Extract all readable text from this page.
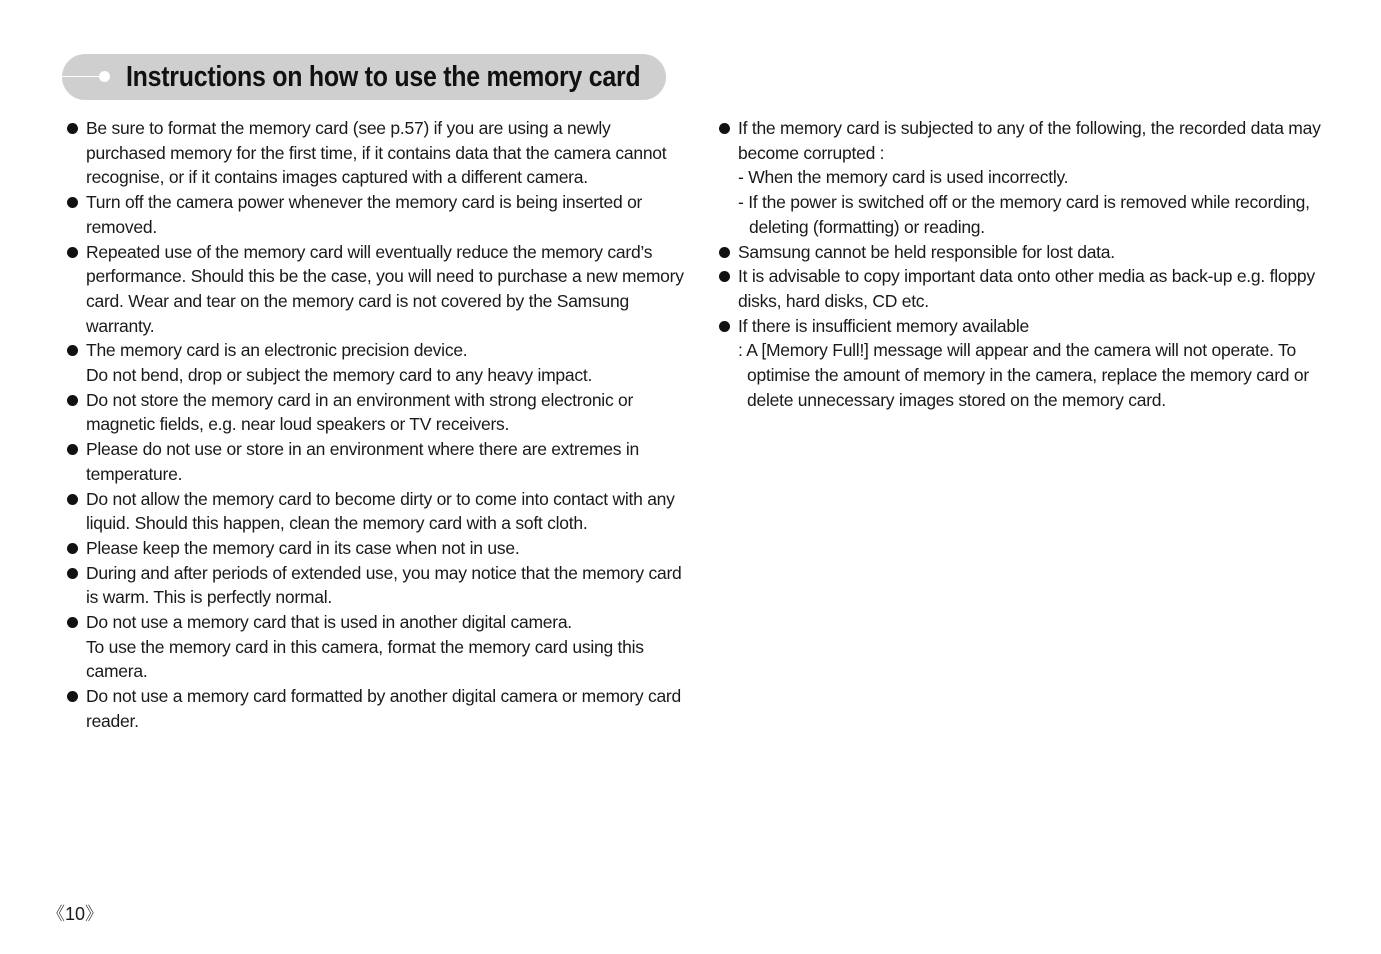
Instructions on how to use the memory card
Be sure to format the memory card (see p.57) if you are using a newly
purchased memory for the first time, if it contains data that the camera cannot
recognise, or if it contains images captured with a different camera.
Turn off the camera power whenever the memory card is being inserted or
removed.
Repeated use of the memory card will eventually reduce the memory card’s
performance. Should this be the case, you will need to purchase a new memory
card. Wear and tear on the memory card is not covered by the Samsung
warranty.
The memory card is an electronic precision device.
Do not bend, drop or subject the memory card to any heavy impact.
Do not store the memory card in an environment with strong electronic or
magnetic fields, e.g. near loud speakers or TV receivers.
Please do not use or store in an environment where there are extremes in
temperature.
Do not allow the memory card to become dirty or to come into contact with any
liquid. Should this happen, clean the memory card with a soft cloth.
Please keep the memory card in its case when not in use.
During and after periods of extended use, you may notice that the memory card
is warm. This is perfectly normal.
Do not use a memory card that is used in another digital camera.
To use the memory card in this camera, format the memory card using this
camera.
Do not use a memory card formatted by another digital camera or memory card
reader.
If the memory card is subjected to any of the following, the recorded data may
become corrupted :
- When the memory card is used incorrectly.
- If the power is switched off or the memory card is removed while recording,
deleting (formatting) or reading.
Samsung cannot be held responsible for lost data.
It is advisable to copy important data onto other media as back-up e.g. floppy
disks, hard disks, CD etc.
If there is insufficient memory available
: A [Memory Full!] message will appear and the camera will not operate. To
optimise the amount of memory in the camera, replace the memory card or
delete unnecessary images stored on the memory card.
《10》
